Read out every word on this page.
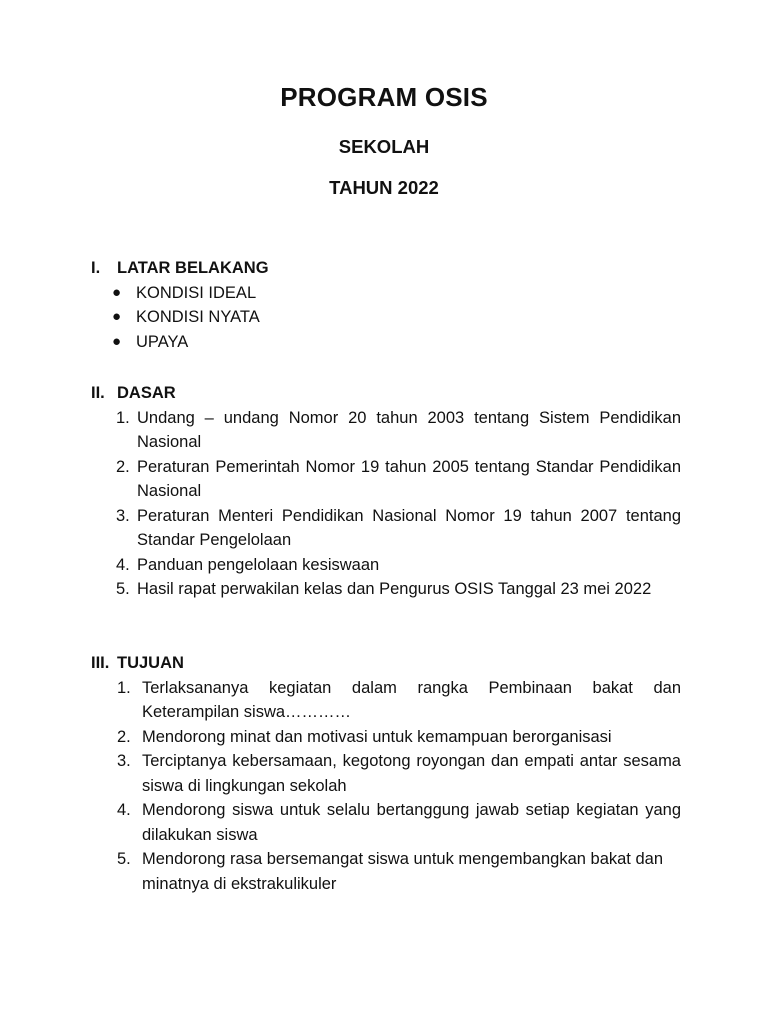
PROGRAM OSIS
SEKOLAH
TAHUN 2022
I.	LATAR BELAKANG
● KONDISI IDEAL
● KONDISI NYATA
● UPAYA
II. DASAR
1. Undang – undang Nomor 20 tahun 2003 tentang Sistem Pendidikan Nasional
2. Peraturan Pemerintah Nomor 19 tahun 2005 tentang Standar Pendidikan Nasional
3. Peraturan Menteri Pendidikan Nasional Nomor 19 tahun 2007 tentang Standar Pengelolaan
4. Panduan pengelolaan kesiswaan
5. Hasil rapat perwakilan kelas dan Pengurus OSIS Tanggal 23 mei 2022
III. TUJUAN
1. Terlaksananya kegiatan dalam rangka Pembinaan bakat dan Keterampilan siswa…………
2. Mendorong minat dan motivasi untuk kemampuan berorganisasi
3. Terciptanya kebersamaan, kegotong royongan dan empati antar sesama siswa di lingkungan sekolah
4. Mendorong siswa untuk selalu bertanggung jawab setiap kegiatan yang dilakukan siswa
5. Mendorong rasa bersemangat siswa untuk mengembangkan bakat dan minatnya di ekstrakulikuler
